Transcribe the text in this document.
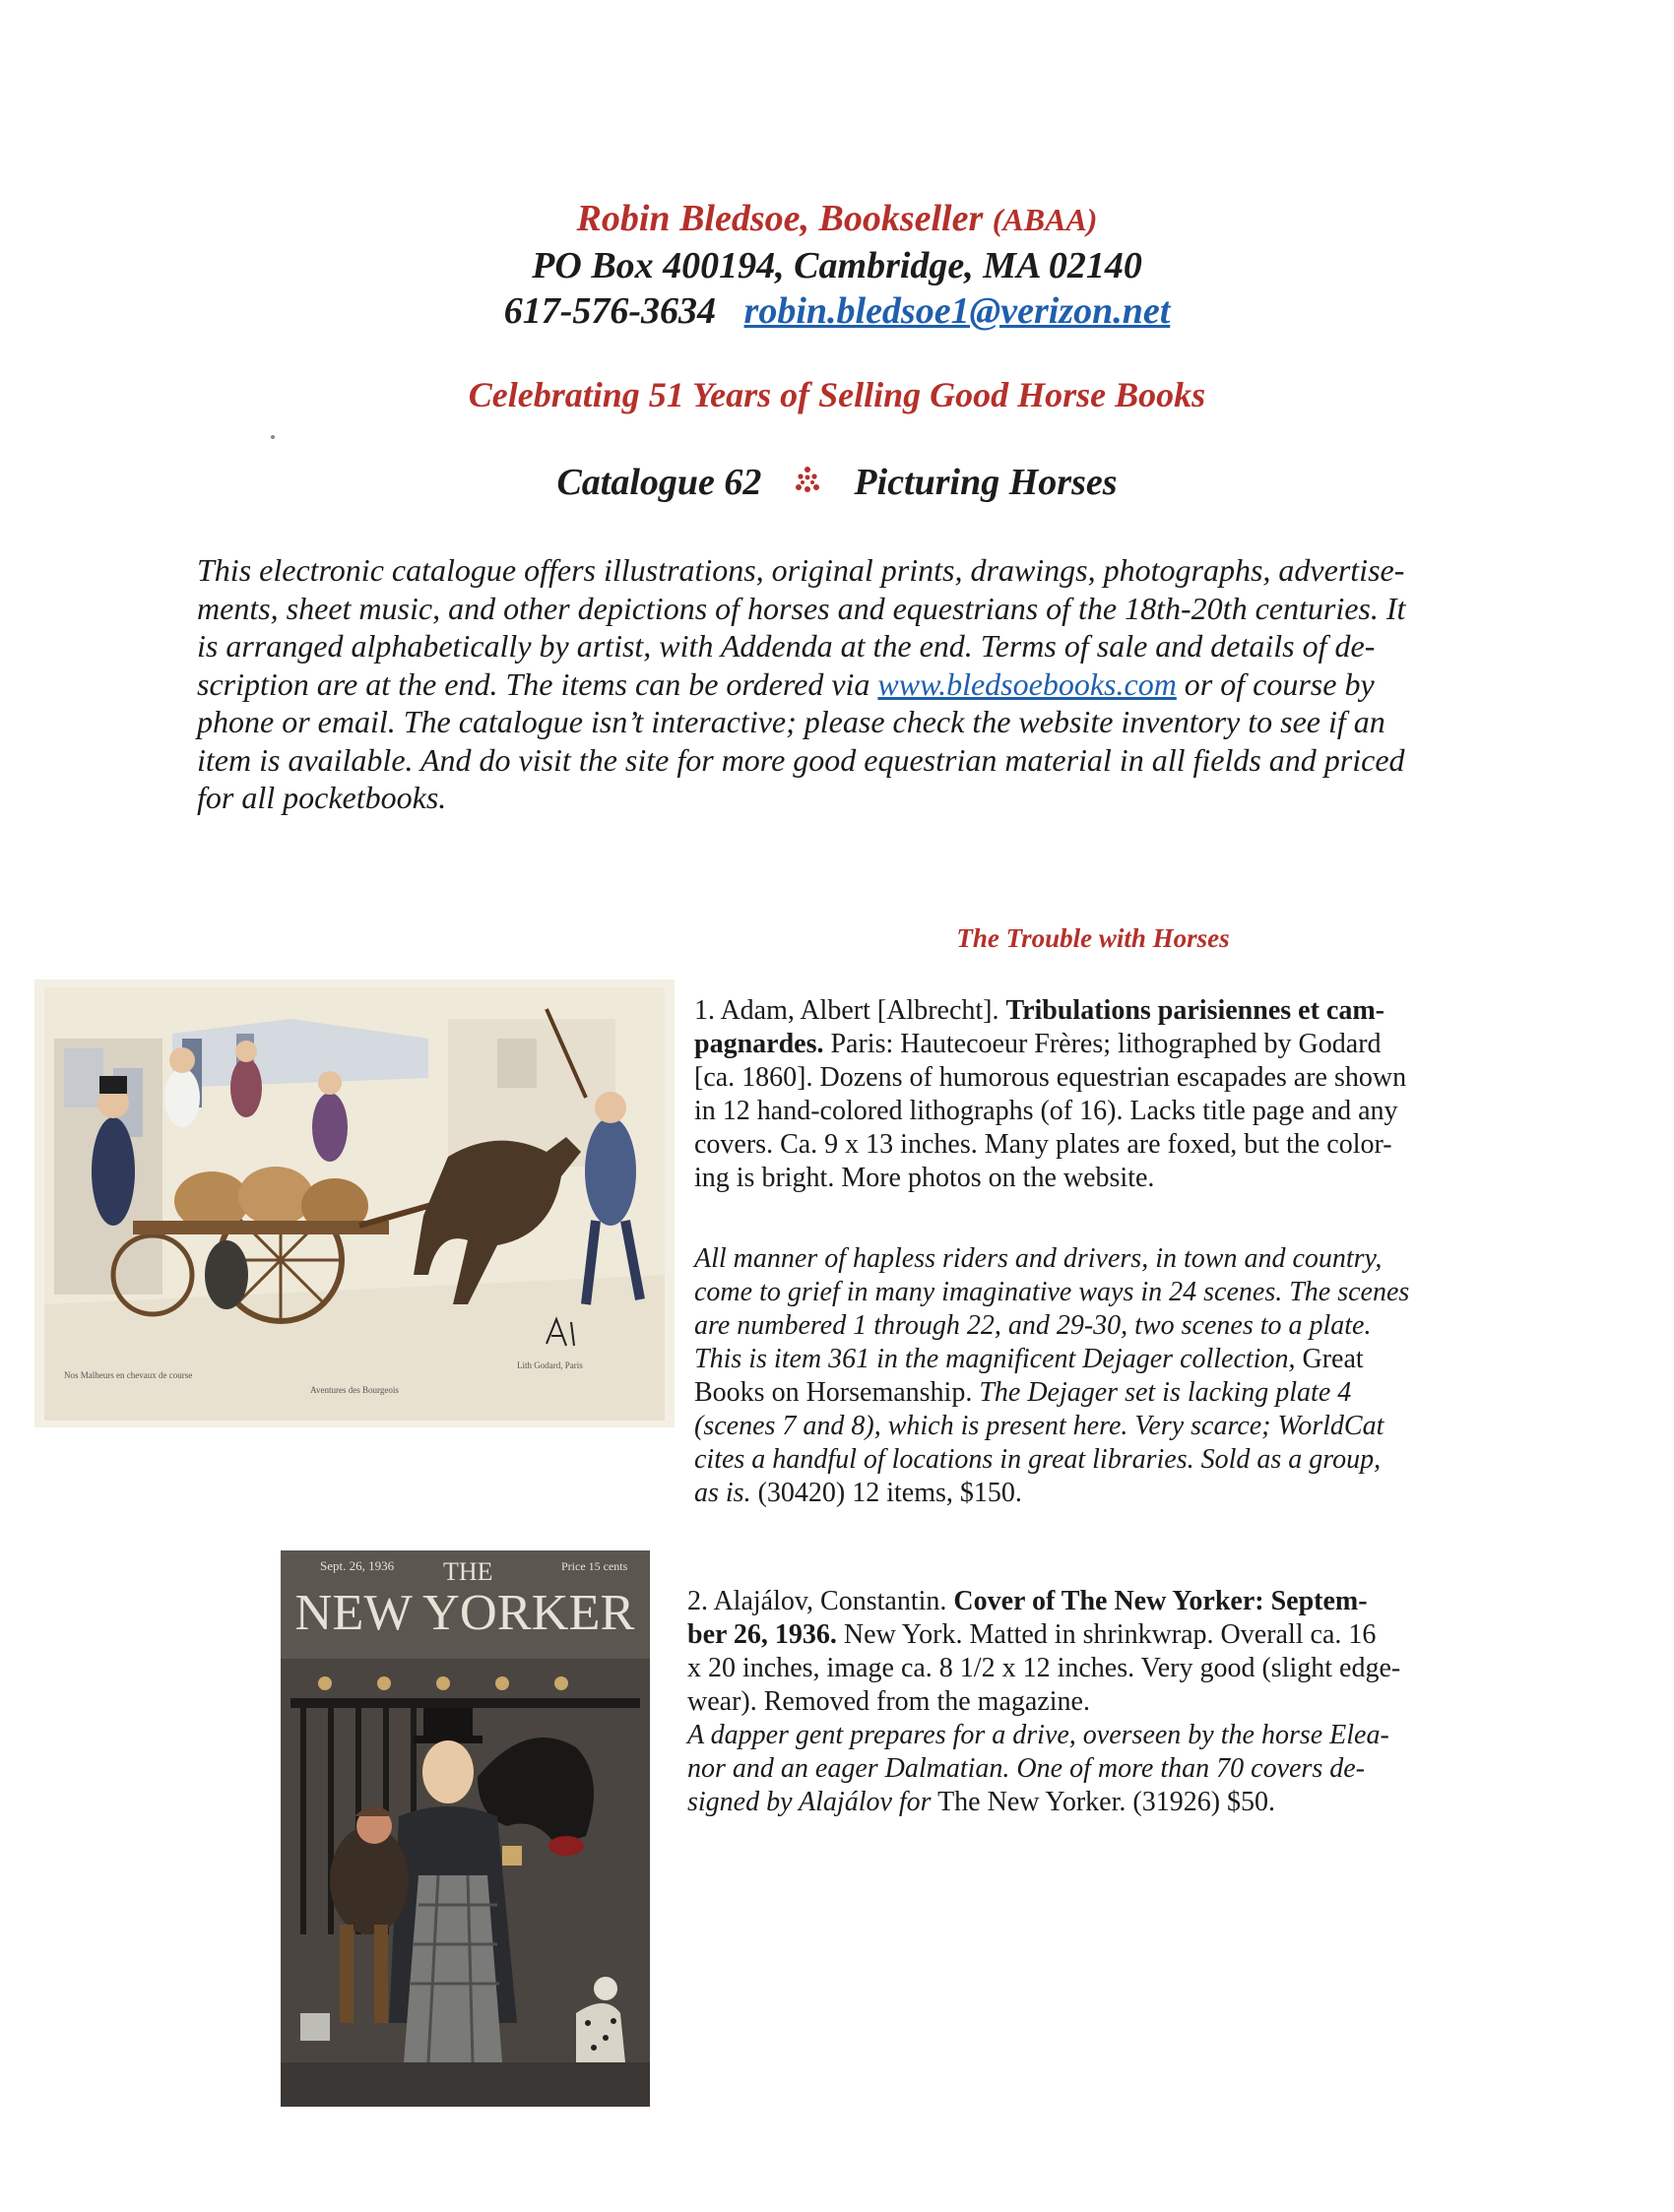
Robin Bledsoe, Bookseller (ABAA)
PO Box 400194, Cambridge, MA 02140
617-576-3634 robin.bledsoe1@verizon.net
Celebrating 51 Years of Selling Good Horse Books
Catalogue 62 Picturing Horses
This electronic catalogue offers illustrations, original prints, drawings, photographs, advertise-
ments, sheet music, and other depictions of horses and equestrians of the 18th-20th centuries. It
is arranged alphabetically by artist, with Addenda at the end. Terms of sale and details of de-
scription are at the end. The items can be ordered via www.bledsoebooks.com or of course by
phone or email. The catalogue isn’t interactive; please check the website inventory to see if an
item is available. And do visit the site for more good equestrian material in all fields and priced
for all pocketbooks.
The Trouble with Horses
Nos Malheurs en chevaux de course
Lith Godard, Paris
Aventures des Bourgeois
1. Adam, Albert [Albrecht]. Tribulations parisiennes et cam-
pagnardes. Paris: Hautecoeur Frères; lithographed by Godard
[ca. 1860]. Dozens of humorous equestrian escapades are shown
in 12 hand-colored lithographs (of 16). Lacks title page and any
covers. Ca. 9 x 13 inches. Many plates are foxed, but the color-
ing is bright. More photos on the website.
All manner of hapless riders and drivers, in town and country,
come to grief in many imaginative ways in 24 scenes. The scenes
are numbered 1 through 22, and 29-30, two scenes to a plate.
This is item 361 in the magnificent Dejager collection, Great
Books on Horsemanship. The Dejager set is lacking plate 4
(scenes 7 and 8), which is present here. Very scarce; WorldCat
cites a handful of locations in great libraries. Sold as a group,
as is. (30420) 12 items, $150.
Sept. 26, 1936 THE	Price 15 cents
NEW YORKER 2. Alajálov, Constantin. Cover of The New Yorker: Septem-
ber 26, 1936. New York. Matted in shrinkwrap. Overall ca. 16
x 20 inches, image ca. 8 1/2 x 12 inches. Very good (slight edge-
wear). Removed from the magazine.
A dapper gent prepares for a drive, overseen by the horse Elea-
nor and an eager Dalmatian. One of more than 70 covers de-
signed by Alajálov for The New Yorker. (31926) $50.
